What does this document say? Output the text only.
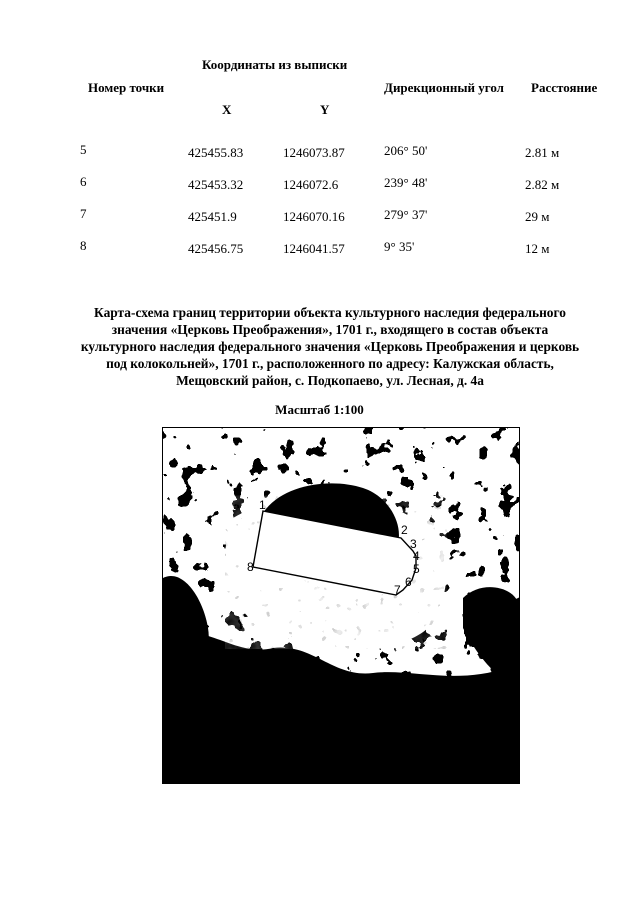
Координаты из выписки
Номер точки	Дирекционный угол Расстояние
X	Y
5	425455.83	1246073.87	206° 50'	2.81 м
6	425453.32	1246072.6	239° 48'	2.82 м
7	425451.9	1246070.16	279° 37'	29 м
8	425456.75	1246041.57	9° 35'	12 м
Карта-схема границ территории объекта культурного наследия федерального
значения «Церковь Преображения», 1701 г., входящего в состав объекта
культурного наследия федерального значения «Церковь Преображения и церковь
под колокольней», 1701 г., расположенного по адресу: Калужская область,
Мещовский район, с. Подкопаево, ул. Лесная, д. 4а
Масштаб 1:100
1
2
3
4
5
6
7
8
